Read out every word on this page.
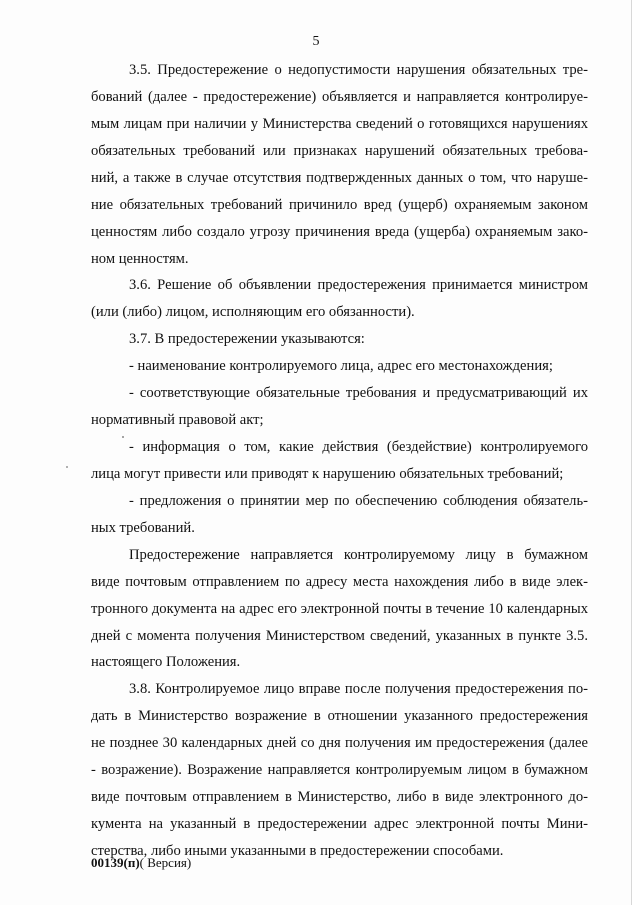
5
3.5. Предостережение о недопустимости нарушения обязательных тре-
бований (далее - предостережение) объявляется и направляется контролируе-
мым лицам при наличии у Министерства сведений о готовящихся нарушениях
обязательных требований или признаках нарушений обязательных требова-
ний, а также в случае отсутствия подтвержденных данных о том, что наруше-
ние обязательных требований причинило вред (ущерб) охраняемым законом
ценностям либо создало угрозу причинения вреда (ущерба) охраняемым зако-
ном ценностям.
3.6. Решение об объявлении предостережения принимается министром
(или (либо) лицом, исполняющим его обязанности).
3.7. В предостережении указываются:
- наименование контролируемого лица, адрес его местонахождения;
- соответствующие обязательные требования и предусматривающий их
нормативный правовой акт;
- информация о том, какие действия (бездействие) контролируемого
лица могут привести или приводят к нарушению обязательных требований;
- предложения о принятии мер по обеспечению соблюдения обязатель-
ных требований.
Предостережение направляется контролируемому лицу в бумажном
виде почтовым отправлением по адресу места нахождения либо в виде элек-
тронного документа на адрес его электронной почты в течение 10 календарных
дней с момента получения Министерством сведений, указанных в пункте 3.5.
настоящего Положения.
3.8. Контролируемое лицо вправе после получения предостережения по-
дать в Министерство возражение в отношении указанного предостережения
не позднее 30 календарных дней со дня получения им предостережения (далее
- возражение). Возражение направляется контролируемым лицом в бумажном
виде почтовым отправлением в Министерство, либо в виде электронного до-
кумента на указанный в предостережении адрес электронной почты Мини-
стерства, либо иными указанными в предостережении способами.
00139(п)( Версия)
